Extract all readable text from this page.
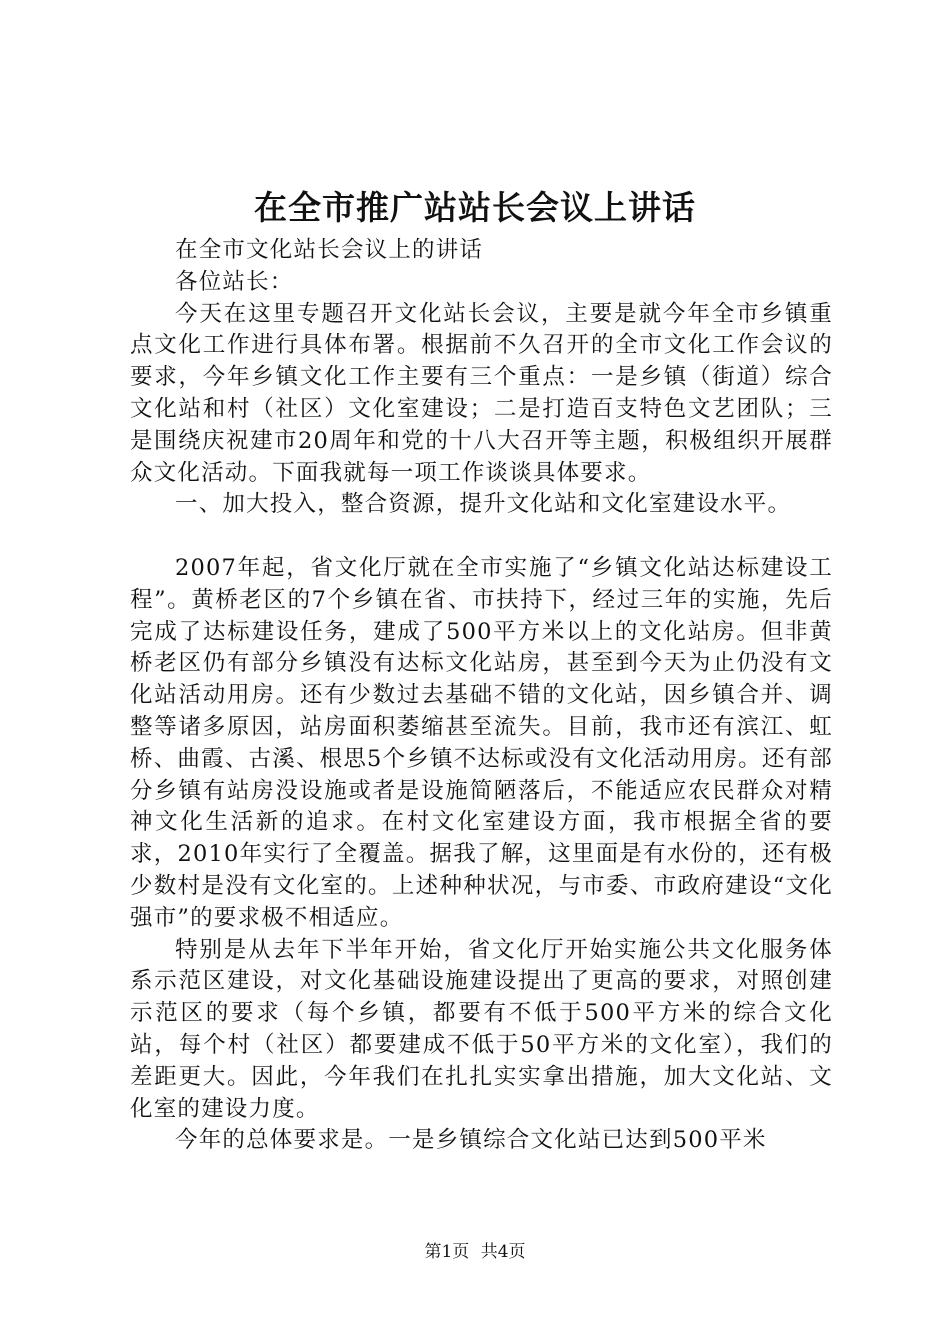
在全市推广站站长会议上讲话

在全市文化站长会议上的讲话

各位站长：

今天在这里专题召开文化站长会议，主要是就今年全市乡镇重点文化工作进行具体布署。根据前不久召开的全市文化工作会议的要求，今年乡镇文化工作主要有三个重点：一是乡镇（街道）综合文化站和村（社区）文化室建设；二是打造百支特色文艺团队；三是围绕庆祝建市20周年和党的十八大召开等主题，积极组织开展群众文化活动。下面我就每一项工作谈谈具体要求。

一、加大投入，整合资源，提升文化站和文化室建设水平。

2007年起，省文化厅就在全市实施了“乡镇文化站达标建设工程”。黄桥老区的7个乡镇在省、市扶持下，经过三年的实施，先后完成了达标建设任务，建成了500平方米以上的文化站房。但非黄桥老区仍有部分乡镇没有达标文化站房，甚至到今天为止仍没有文化站活动用房。还有少数过去基础不错的文化站，因乡镇合并、调整等诸多原因，站房面积萎缩甚至流失。目前，我市还有滨江、虹桥、曲霞、古溪、根思5个乡镇不达标或没有文化活动用房。还有部分乡镇有站房没设施或者是设施简陋落后，不能适应农民群众对精神文化生活新的追求。在村文化室建设方面，我市根据全省的要求，2010年实行了全覆盖。据我了解，这里面是有水份的，还有极少数村是没有文化室的。上述种种状况，与市委、市政府建设“文化强市”的要求极不相适应。

特别是从去年下半年开始，省文化厅开始实施公共文化服务体系示范区建设，对文化基础设施建设提出了更高的要求，对照创建示范区的要求（每个乡镇，都要有不低于500平方米的综合文化站，每个村（社区）都要建成不低于50平方米的文化室），我们的差距更大。因此，今年我们在扎扎实实拿出措施，加大文化站、文化室的建设力度。

今年的总体要求是。一是乡镇综合文化站已达到500平米

第1页 共4页
